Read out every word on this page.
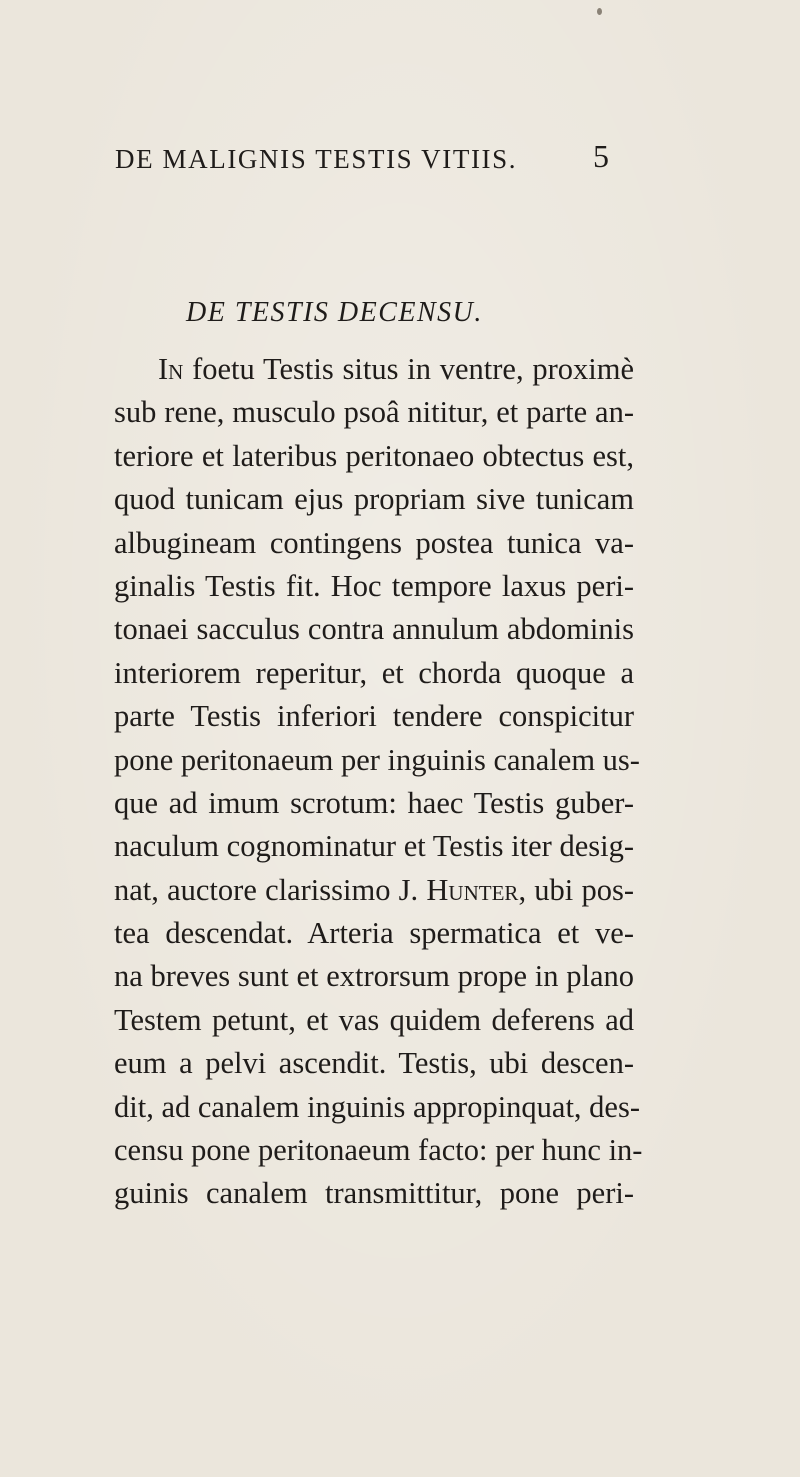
DE MALIGNIS TESTIS VITIIS.	5
DE TESTIS DECENSU.
In foetu Testis situs in ventre, proximè
sub rene, musculo psoâ nititur, et parte an-
teriore et lateribus peritonaeo obtectus est,
quod tunicam ejus propriam sive tunicam
albugineam contingens postea tunica va-
ginalis Testis fit. Hoc tempore laxus peri-
tonaei sacculus contra annulum abdominis
interiorem reperitur, et chorda quoque a
parte Testis inferiori tendere conspicitur
pone peritonaeum per inguinis canalem us-
que ad imum scrotum: haec Testis guber-
naculum cognominatur et Testis iter desig-
nat, auctore clarissimo J. Hunter, ubi pos-
tea descendat. Arteria spermatica et ve-
na breves sunt et extrorsum prope in plano
Testem petunt, et vas quidem deferens ad
eum a pelvi ascendit. Testis, ubi descen-
dit, ad canalem inguinis appropinquat, des-
censu pone peritonaeum facto: per hunc in-
guinis canalem transmittitur, pone peri-
